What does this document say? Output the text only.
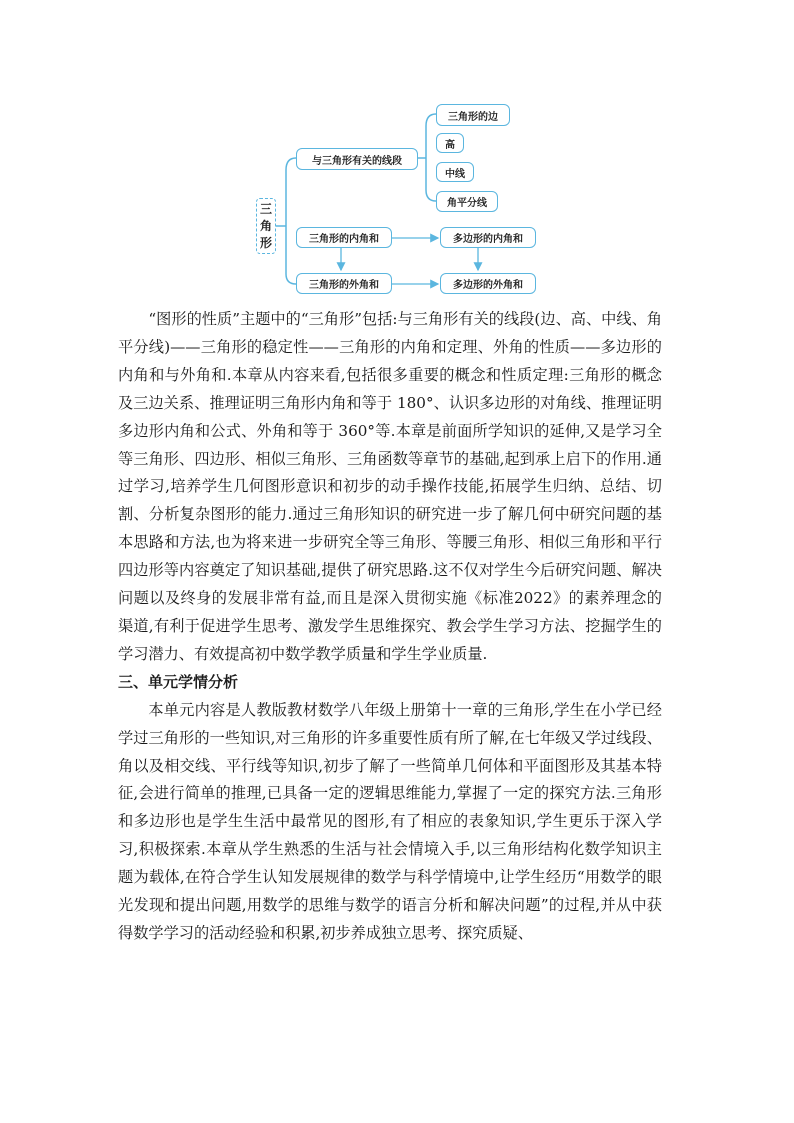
三
角
形
与三角形有关的线段
三角形的边
高
中线
角平分线
三角形的内角和	多边形的内角和
三角形的外角和	多边形的外角和

“图形的性质”主题中的“三角形”包括:与三角形有关的线段(边、高、中线、角平分线)——三角形的稳定性——三角形的内角和定理、外角的性质——多边形的内角和与外角和.本章从内容来看,包括很多重要的概念和性质定理:三角形的概念及三边关系、推理证明三角形内角和等于 180°、认识多边形的对角线、推理证明多边形内角和公式、外角和等于 360°等.本章是前面所学知识的延伸,又是学习全等三角形、四边形、相似三角形、三角函数等章节的基础,起到承上启下的作用.通过学习,培养学生几何图形意识和初步的动手操作技能,拓展学生归纳、总结、切割、分析复杂图形的能力.通过三角形知识的研究进一步了解几何中研究问题的基本思路和方法,也为将来进一步研究全等三角形、等腰三角形、相似三角形和平行四边形等内容奠定了知识基础,提供了研究思路.这不仅对学生今后研究问题、解决问题以及终身的发展非常有益,而且是深入贯彻实施《标准2022》的素养理念的渠道,有利于促进学生思考、激发学生思维探究、教会学生学习方法、挖掘学生的学习潜力、有效提高初中数学教学质量和学生学业质量.

三、单元学情分析

本单元内容是人教版教材数学八年级上册第十一章的三角形,学生在小学已经学过三角形的一些知识,对三角形的许多重要性质有所了解,在七年级又学过线段、角以及相交线、平行线等知识,初步了解了一些简单几何体和平面图形及其基本特征,会进行简单的推理,已具备一定的逻辑思维能力,掌握了一定的探究方法.三角形和多边形也是学生生活中最常见的图形,有了相应的表象知识,学生更乐于深入学习,积极探索.本章从学生熟悉的生活与社会情境入手,以三角形结构化数学知识主题为载体,在符合学生认知发展规律的数学与科学情境中,让学生经历“用数学的眼光发现和提出问题,用数学的思维与数学的语言分析和解决问题”的过程,并从中获得数学学习的活动经验和积累,初步养成独立思考、探究质疑、
